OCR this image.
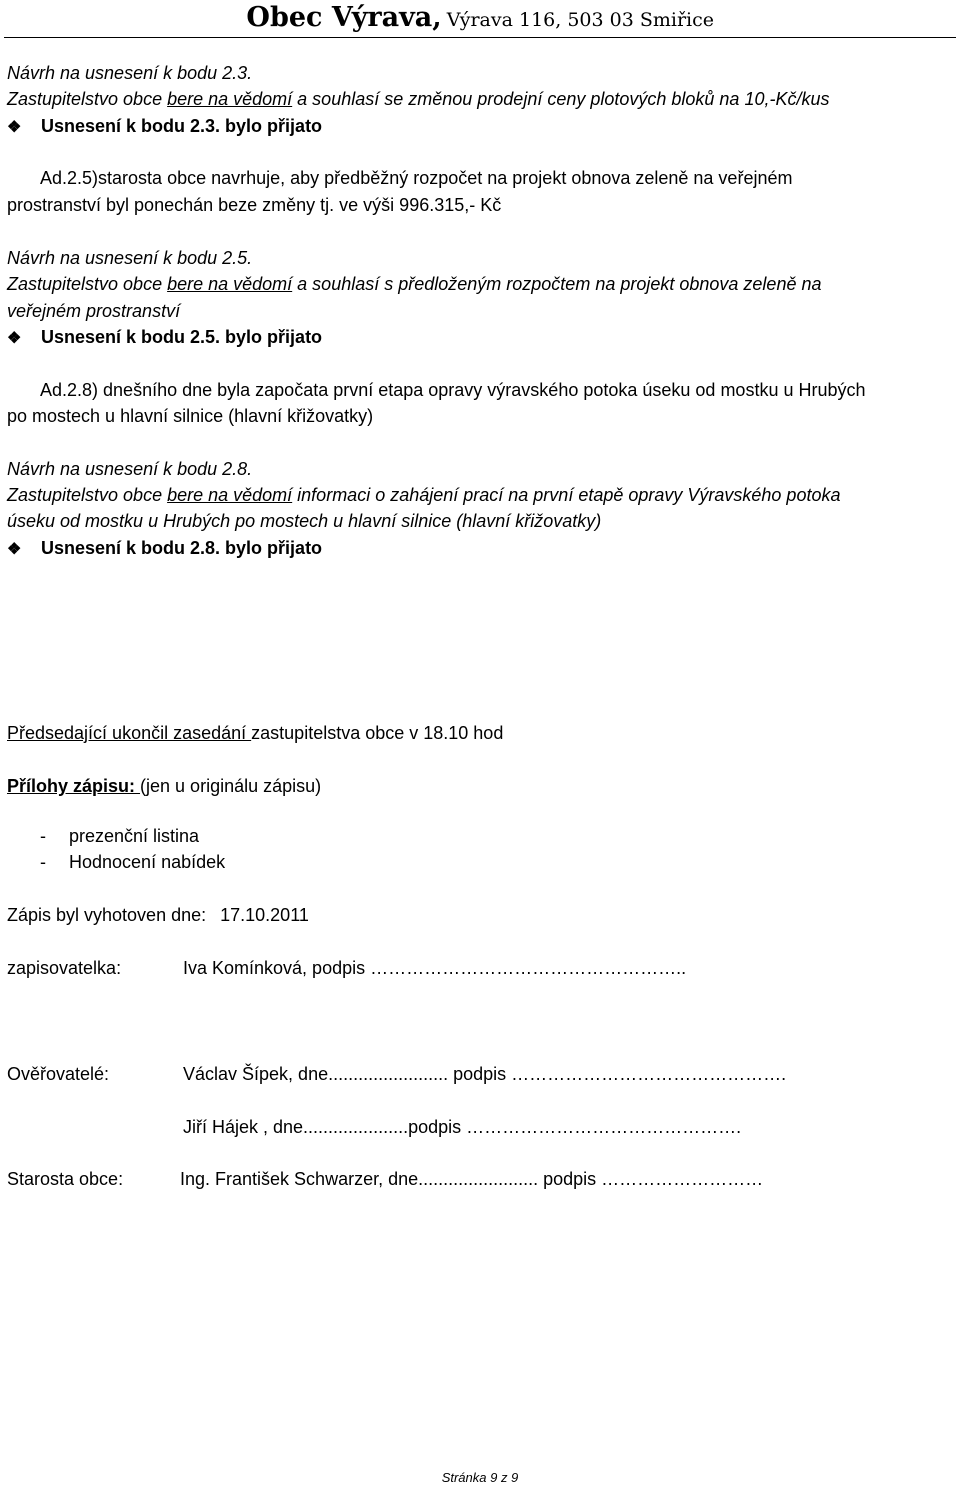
Obec Výrava, Výrava 116, 503 03 Smiřice
Návrh na usnesení k bodu 2.3.
Zastupitelstvo obce bere na vědomí a souhlasí se změnou prodejní ceny plotových bloků na 10,-Kč/kus
❖ Usnesení k bodu 2.3. bylo přijato
Ad.2.5)starosta obce navrhuje, aby předběžný rozpočet na projekt obnova zeleně na veřejném
prostranství byl ponechán beze změny tj. ve výši 996.315,- Kč
Návrh na usnesení k bodu 2.5.
Zastupitelstvo obce bere na vědomí a souhlasí s předloženým rozpočtem na projekt obnova zeleně na
veřejném prostranství
❖ Usnesení k bodu 2.5. bylo přijato
Ad.2.8) dnešního dne byla započata první etapa opravy výravského potoka úseku od mostku u Hrubých
po mostech u hlavní silnice (hlavní křižovatky)
Návrh na usnesení k bodu 2.8.
Zastupitelstvo obce bere na vědomí informaci o zahájení prací na první etapě opravy Výravského potoka
úseku od mostku u Hrubých po mostech u hlavní silnice (hlavní křižovatky)
❖ Usnesení k bodu 2.8. bylo přijato
Předsedající ukončil zasedání zastupitelstva obce v 18.10 hod
Přílohy zápisu: (jen u originálu zápisu)
- prezenční listina
- Hodnocení nabídek
Zápis byl vyhotoven dne: 17.10.2011
zapisovatelka:	Iva Komínková, podpis ……………………………………………..
Ověřovatelé:	Václav Šípek, dne........................ podpis ……………………………………….
Jiří Hájek , dne.....................podpis ……………………………………….
Starosta obce:	Ing. František Schwarzer, dne........................ podpis ………………………
Stránka 9 z 9
